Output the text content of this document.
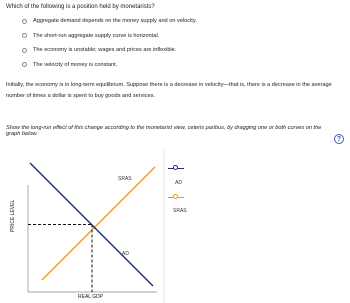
Which of the following is a position held by monetarists?
Aggregate demand depends on the money supply and on velocity.
The short-run aggregate supply curve is horizontal.
The economy is unstable; wages and prices are inflexible.
The velocity of money is constant.
Initially, the economy is in long-term equilibrium. Suppose there is a decrease in velocity—that is, there is a decrease in the average number of times a dollar is spent to buy goods and services.
Show the long-run effect of this change according to the monetarist view, ceteris paribus, by dragging one or both curves on the graph below.
?
PRICE LEVEL
REAL GDP
SRAS
AD
AD
SRAS
